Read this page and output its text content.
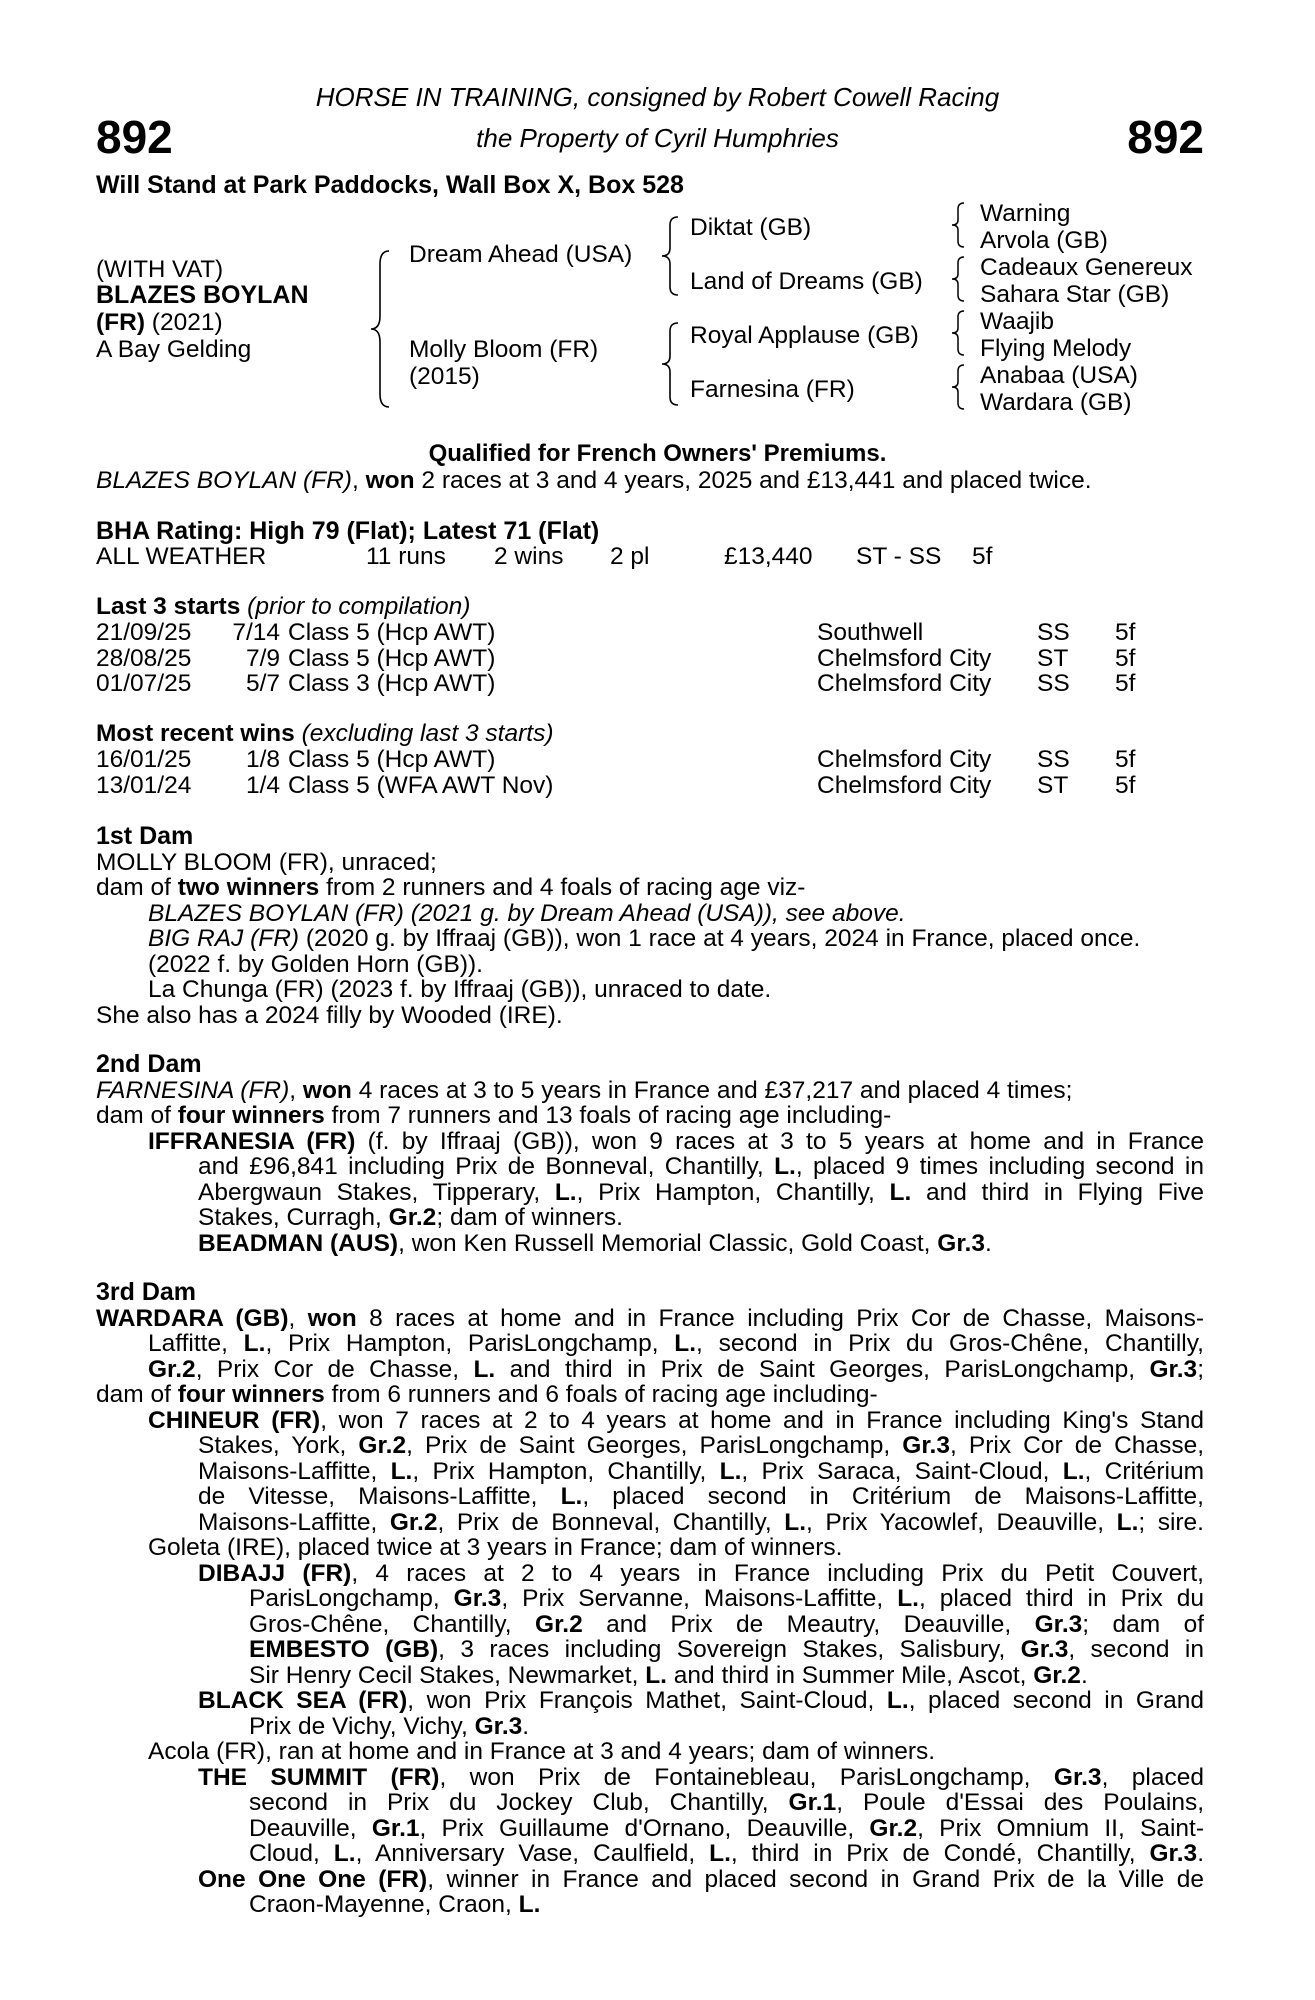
892	892
HORSE IN TRAINING, consigned by Robert Cowell Racing
the Property of Cyril Humphries
Will Stand at Park Paddocks, Wall Box X, Box 528
(WITH VAT)
BLAZES BOYLAN
(FR) (2021)
A Bay Gelding
Dream Ahead (USA)
Molly Bloom (FR)
(2015)
Diktat (GB)
Land of Dreams (GB)
Royal Applause (GB)
Farnesina (FR)
Warning
Arvola (GB)
Cadeaux Genereux
Sahara Star (GB)
Waajib
Flying Melody
Anabaa (USA)
Wardara (GB)
Qualified for French Owners' Premiums.
BLAZES BOYLAN (FR), won 2 races at 3 and 4 years, 2025 and £13,441 and placed twice.
BHA Rating: High 79 (Flat); Latest 71 (Flat)
ALL WEATHER	11 runs 2 wins 2 pl	£13,440 ST - SS 5f
Last 3 starts (prior to compilation)
21/09/25	7/14 Class 5 (Hcp AWT)	Southwell	SS 5f
28/08/25	7/9 Class 5 (Hcp AWT)	Chelmsford City ST 5f
01/07/25	5/7 Class 3 (Hcp AWT)	Chelmsford City SS 5f
Most recent wins (excluding last 3 starts)
16/01/25	1/8 Class 5 (Hcp AWT)	Chelmsford City SS 5f
13/01/24	1/4 Class 5 (WFA AWT Nov)	Chelmsford City ST 5f
1st Dam
MOLLY BLOOM (FR), unraced;
dam of two winners from 2 runners and 4 foals of racing age viz-
BLAZES BOYLAN (FR) (2021 g. by Dream Ahead (USA)), see above.
BIG RAJ (FR) (2020 g. by Iffraaj (GB)), won 1 race at 4 years, 2024 in France, placed once.
(2022 f. by Golden Horn (GB)).
La Chunga (FR) (2023 f. by Iffraaj (GB)), unraced to date.
She also has a 2024 filly by Wooded (IRE).
2nd Dam
FARNESINA (FR), won 4 races at 3 to 5 years in France and £37,217 and placed 4 times;
dam of four winners from 7 runners and 13 foals of racing age including-
IFFRANESIA (FR) (f. by Iffraaj (GB)), won 9 races at 3 to 5 years at home and in France
and £96,841 including Prix de Bonneval, Chantilly, L., placed 9 times including second in
Abergwaun Stakes, Tipperary, L., Prix Hampton, Chantilly, L. and third in Flying Five
Stakes, Curragh, Gr.2; dam of winners.
BEADMAN (AUS), won Ken Russell Memorial Classic, Gold Coast, Gr.3.
3rd Dam
WARDARA (GB), won 8 races at home and in France including Prix Cor de Chasse, Maisons-
Laffitte, L., Prix Hampton, ParisLongchamp, L., second in Prix du Gros-Chêne, Chantilly,
Gr.2, Prix Cor de Chasse, L. and third in Prix de Saint Georges, ParisLongchamp, Gr.3;
dam of four winners from 6 runners and 6 foals of racing age including-
CHINEUR (FR), won 7 races at 2 to 4 years at home and in France including King's Stand
Stakes, York, Gr.2, Prix de Saint Georges, ParisLongchamp, Gr.3, Prix Cor de Chasse,
Maisons-Laffitte, L., Prix Hampton, Chantilly, L., Prix Saraca, Saint-Cloud, L., Critérium
de Vitesse, Maisons-Laffitte, L., placed second in Critérium de Maisons-Laffitte,
Maisons-Laffitte, Gr.2, Prix de Bonneval, Chantilly, L., Prix Yacowlef, Deauville, L.; sire.
Goleta (IRE), placed twice at 3 years in France; dam of winners.
DIBAJJ (FR), 4 races at 2 to 4 years in France including Prix du Petit Couvert,
ParisLongchamp, Gr.3, Prix Servanne, Maisons-Laffitte, L., placed third in Prix du
Gros-Chêne, Chantilly, Gr.2 and Prix de Meautry, Deauville, Gr.3; dam of
EMBESTO (GB), 3 races including Sovereign Stakes, Salisbury, Gr.3, second in
Sir Henry Cecil Stakes, Newmarket, L. and third in Summer Mile, Ascot, Gr.2.
BLACK SEA (FR), won Prix François Mathet, Saint-Cloud, L., placed second in Grand
Prix de Vichy, Vichy, Gr.3.
Acola (FR), ran at home and in France at 3 and 4 years; dam of winners.
THE SUMMIT (FR), won Prix de Fontainebleau, ParisLongchamp, Gr.3, placed
second in Prix du Jockey Club, Chantilly, Gr.1, Poule d'Essai des Poulains,
Deauville, Gr.1, Prix Guillaume d'Ornano, Deauville, Gr.2, Prix Omnium II, Saint-
Cloud, L., Anniversary Vase, Caulfield, L., third in Prix de Condé, Chantilly, Gr.3.
One One One (FR), winner in France and placed second in Grand Prix de la Ville de
Craon-Mayenne, Craon, L.
